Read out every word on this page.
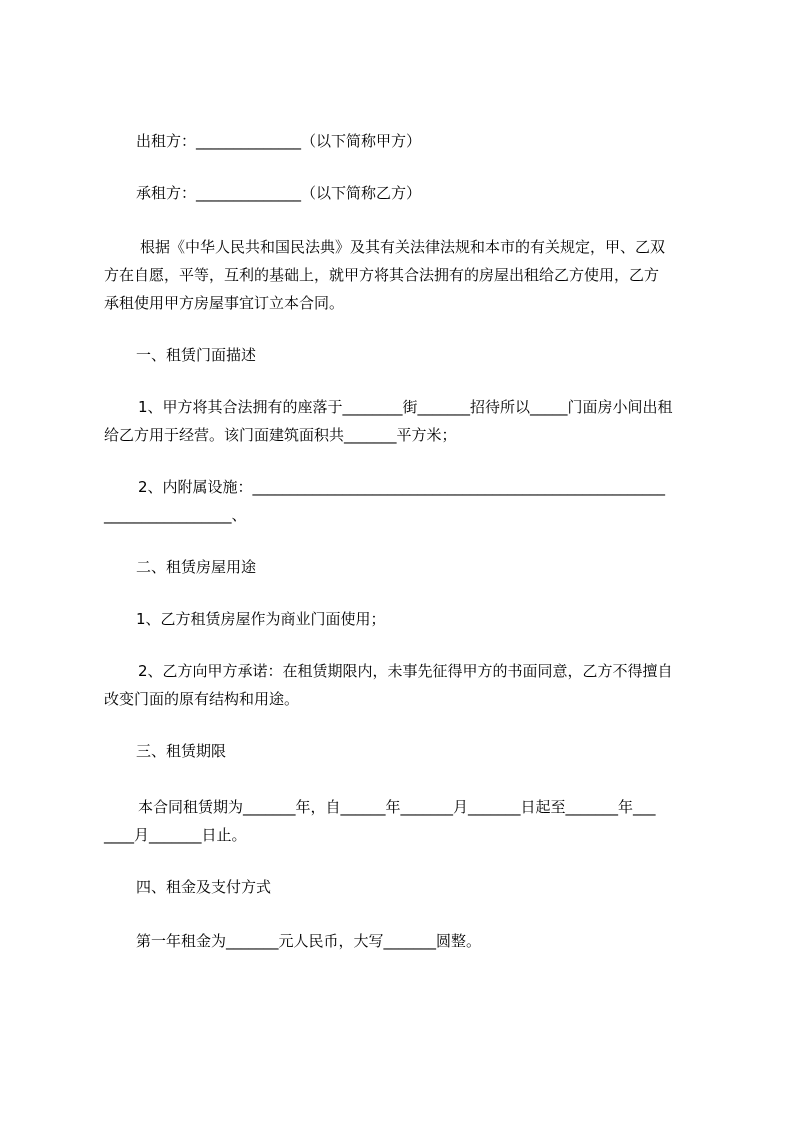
出租方：______________（以下简称甲方）
承租方：______________（以下简称乙方）
根据《中华人民共和国民法典》及其有关法律法规和本市的有关规定，甲、乙双
方在自愿，平等，互利的基础上，就甲方将其合法拥有的房屋出租给乙方使用，乙方
承租使用甲方房屋事宜订立本合同。
一、租赁门面描述
1、甲方将其合法拥有的座落于________街_______招待所以_____门面房小间出租
给乙方用于经营。该门面建筑面积共_______平方米；
2、内附属设施：_______________________________________________________
_________________、
二、租赁房屋用途
1、乙方租赁房屋作为商业门面使用；
2、乙方向甲方承诺：在租赁期限内，未事先征得甲方的书面同意，乙方不得擅自
改变门面的原有结构和用途。
三、租赁期限
本合同租赁期为_______年，自______年_______月_______日起至_______年___
____月_______日止。
四、租金及支付方式
第一年租金为_______元人民币，大写_______圆整。
